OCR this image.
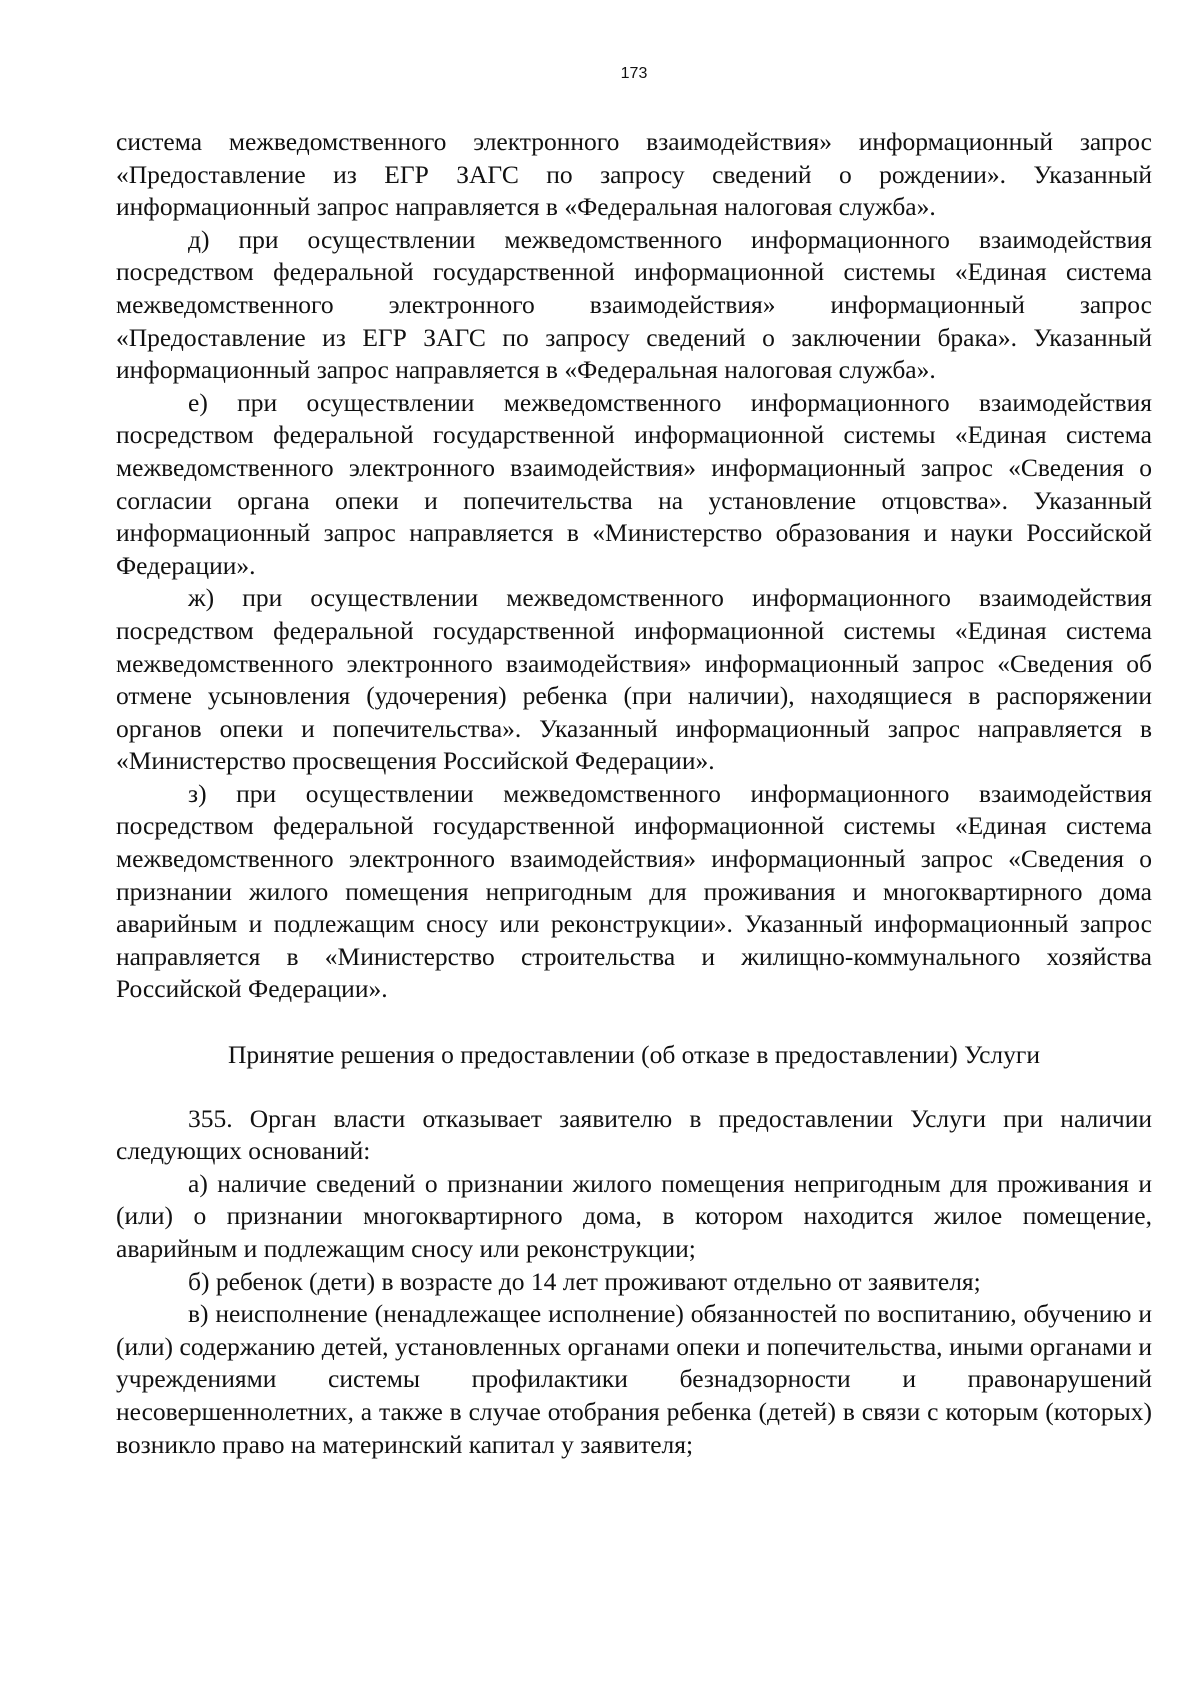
173

система межведомственного электронного взаимодействия» информационный запрос «Предоставление из ЕГР ЗАГС по запросу сведений о рождении». Указанный информационный запрос направляется в «Федеральная налоговая служба».

д) при осуществлении межведомственного информационного взаимодействия посредством федеральной государственной информационной системы «Единая система межведомственного электронного взаимодействия» информационный запрос «Предоставление из ЕГР ЗАГС по запросу сведений о заключении брака». Указанный информационный запрос направляется в «Федеральная налоговая служба».

е) при осуществлении межведомственного информационного взаимодействия посредством федеральной государственной информационной системы «Единая система межведомственного электронного взаимодействия» информационный запрос «Сведения о согласии органа опеки и попечительства на установление отцовства». Указанный информационный запрос направляется в «Министерство образования и науки Российской Федерации».

ж) при осуществлении межведомственного информационного взаимодействия посредством федеральной государственной информационной системы «Единая система межведомственного электронного взаимодействия» информационный запрос «Сведения об отмене усыновления (удочерения) ребенка (при наличии), находящиеся в распоряжении органов опеки и попечительства». Указанный информационный запрос направляется в «Министерство просвещения Российской Федерации».

з) при осуществлении межведомственного информационного взаимодействия посредством федеральной государственной информационной системы «Единая система межведомственного электронного взаимодействия» информационный запрос «Сведения о признании жилого помещения непригодным для проживания и многоквартирного дома аварийным и подлежащим сносу или реконструкции». Указанный информационный запрос направляется в «Министерство строительства и жилищно-коммунального хозяйства Российской Федерации».

Принятие решения о предоставлении (об отказе в предоставлении) Услуги

355. Орган власти отказывает заявителю в предоставлении Услуги при наличии следующих оснований:

а) наличие сведений о признании жилого помещения непригодным для проживания и (или) о признании многоквартирного дома, в котором находится жилое помещение, аварийным и подлежащим сносу или реконструкции;

б) ребенок (дети) в возрасте до 14 лет проживают отдельно от заявителя;

в) неисполнение (ненадлежащее исполнение) обязанностей по воспитанию, обучению и (или) содержанию детей, установленных органами опеки и попечительства, иными органами и учреждениями системы профилактики безнадзорности и правонарушений несовершеннолетних, а также в случае отобрания ребенка (детей) в связи с которым (которых) возникло право на материнский капитал у заявителя;
